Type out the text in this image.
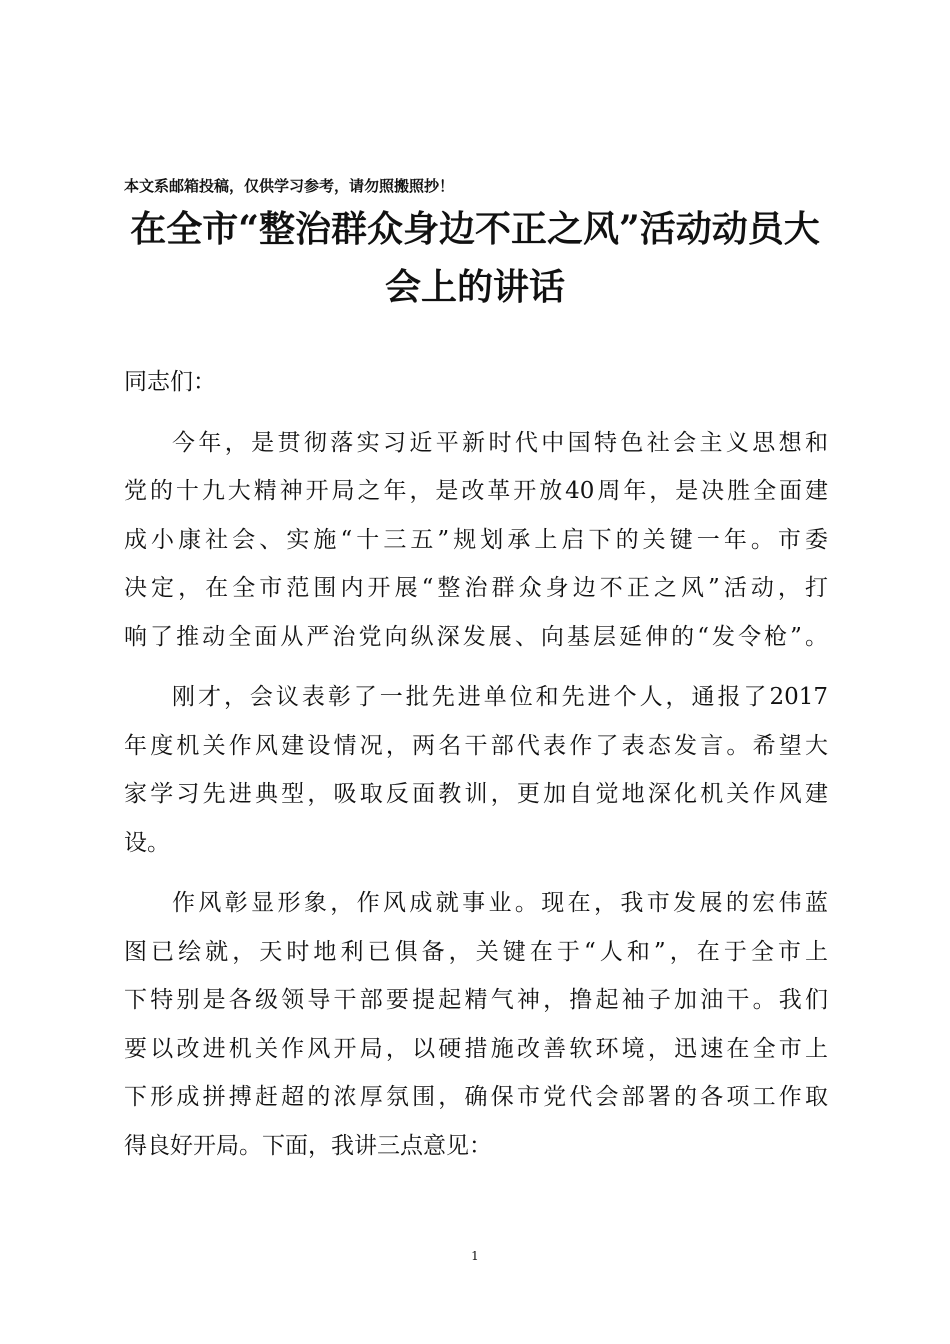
本文系邮箱投稿，仅供学习参考，请勿照搬照抄！
在全市“整治群众身边不正之风”活动动员大
会上的讲话
同志们：
今年，是贯彻落实习近平新时代中国特色社会主义思想和
党的十九大精神开局之年，是改革开放40周年，是决胜全面建
成小康社会、实施“十三五”规划承上启下的关键一年。市委
决定，在全市范围内开展“整治群众身边不正之风”活动，打
响了推动全面从严治党向纵深发展、向基层延伸的“发令枪”。
刚才，会议表彰了一批先进单位和先进个人，通报了2017
年度机关作风建设情况，两名干部代表作了表态发言。希望大
家学习先进典型，吸取反面教训，更加自觉地深化机关作风建
设。
作风彰显形象，作风成就事业。现在，我市发展的宏伟蓝
图已绘就，天时地利已俱备，关键在于“人和”，在于全市上
下特别是各级领导干部要提起精气神，撸起袖子加油干。我们
要以改进机关作风开局，以硬措施改善软环境，迅速在全市上
下形成拼搏赶超的浓厚氛围，确保市党代会部署的各项工作取
得良好开局。下面，我讲三点意见：
1
